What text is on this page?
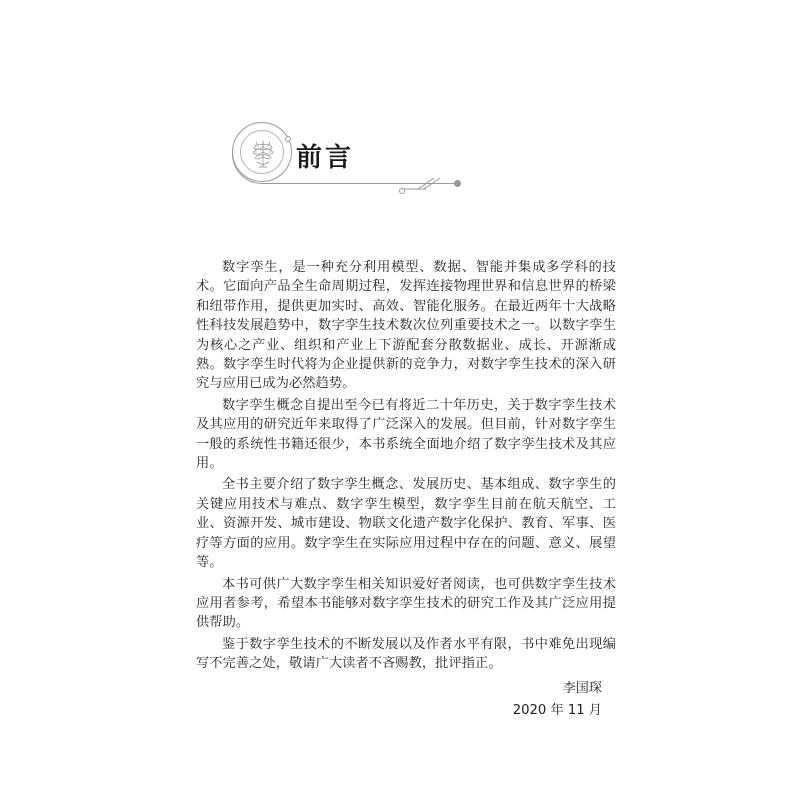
前言

数字孪生，是一种充分利用模型、数据、智能并集成多学科的技术。它面向产品全生命周期过程，发挥连接物理世界和信息世界的桥梁和纽带作用，提供更加实时、高效、智能化服务。在最近两年十大战略性科技发展趋势中，数字孪生技术数次位列重要技术之一。以数字孪生为核心之产业、组织和产业上下游配套分散数据业、成长、开源渐成熟。数字孪生时代将为企业提供新的竞争力，对数字孪生技术的深入研究与应用已成为必然趋势。

数字孪生概念自提出至今已有将近二十年历史，关于数字孪生技术及其应用的研究近年来取得了广泛深入的发展。但目前，针对数字孪生一般的系统性书籍还很少，本书系统全面地介绍了数字孪生技术及其应用。

全书主要介绍了数字孪生概念、发展历史、基本组成、数字孪生的关键应用技术与难点、数字孪生模型，数字孪生目前在航天航空、工业、资源开发、城市建设、物联文化遗产数字化保护、教育、军事、医疗等方面的应用。数字孪生在实际应用过程中存在的问题、意义、展望等。

本书可供广大数字孪生相关知识爱好者阅读，也可供数字孪生技术应用者参考，希望本书能够对数字孪生技术的研究工作及其广泛应用提供帮助。

鉴于数字孪生技术的不断发展以及作者水平有限，书中难免出现编写不完善之处，敬请广大读者不吝赐教，批评指正。

李国琛
2020 年 11 月
